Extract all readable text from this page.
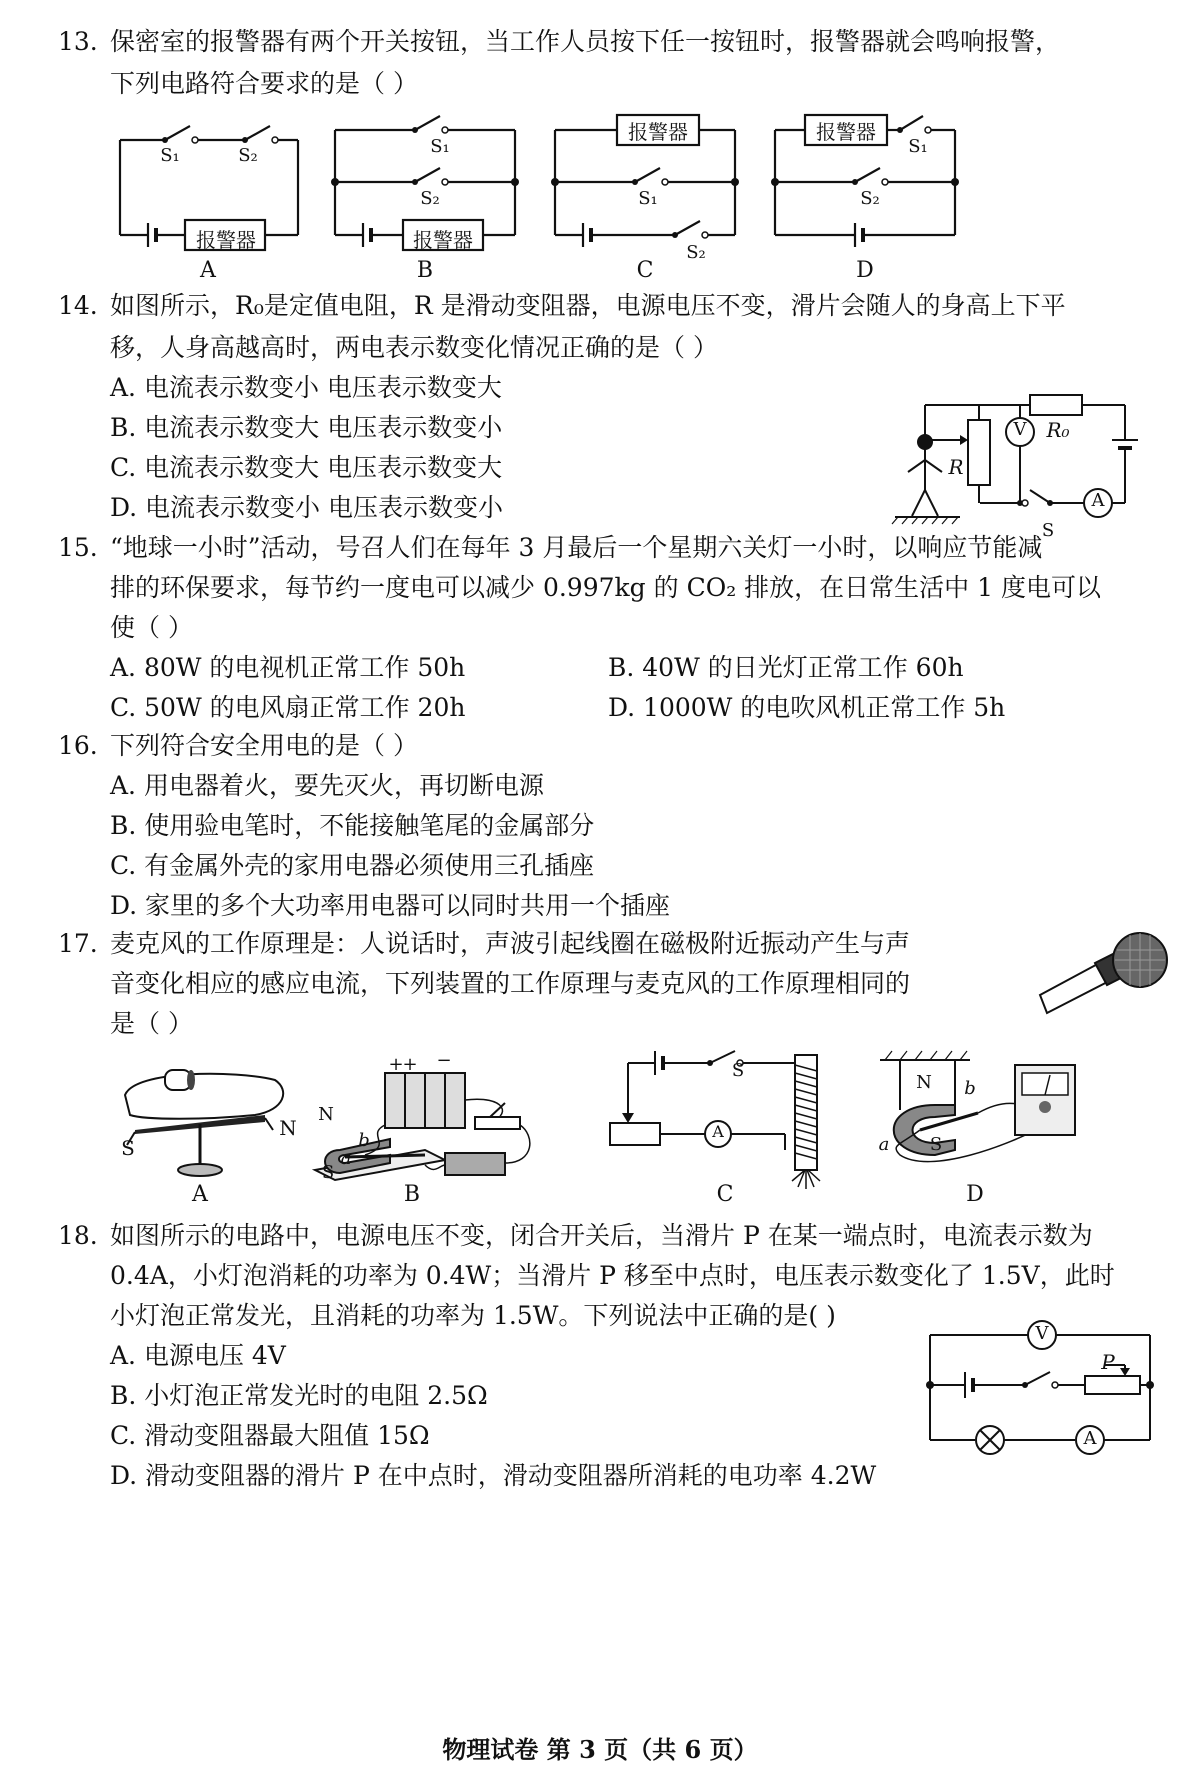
13. 保密室的报警器有两个开关按钮，当工作人员按下任一按钮时，报警器就会鸣响报警，
下列电路符合要求的是（ ）
S₁	S₂
报警器
A
S₁
S₂
报警器
B
报警器
S₁
S₂
C
报警器
S₁
S₂
D
14. 如图所示，R₀是定值电阻，R 是滑动变阻器，电源电压不变，滑片会随人的身高上下平
移，人身高越高时，两电表示数变化情况正确的是（ ）
A. 电流表示数变小 电压表示数变大
B. 电流表示数变大 电压表示数变小
C. 电流表示数变大 电压表示数变大
D. 电流表示数变小 电压表示数变小
R₀
R
V
A
S
15. “地球一小时”活动，号召人们在每年 3 月最后一个星期六关灯一小时，以响应节能减
排的环保要求，每节约一度电可以减少 0.997kg 的 CO₂ 排放，在日常生活中 1 度电可以
使（ ）
A. 80W 的电视机正常工作 50h	B. 40W 的日光灯正常工作 60h
C. 50W 的电风扇正常工作 20h	D. 1000W 的电吹风机正常工作 5h
16. 下列符合安全用电的是（ ）
A. 用电器着火，要先灭火，再切断电源
B. 使用验电笔时，不能接触笔尾的金属部分
C. 有金属外壳的家用电器必须使用三孔插座
D. 家里的多个大功率用电器可以同时共用一个插座
17. 麦克风的工作原理是：人说话时，声波引起线圈在磁极附近振动产生与声
音变化相应的感应电流，下列装置的工作原理与麦克风的工作原理相同的
是（ ）
S
N
A
+
+	−
N
b
a
S
B
S
A
C
N	b
a	S
D
18. 如图所示的电路中，电源电压不变，闭合开关后，当滑片 P 在某一端点时，电流表示数为
0.4A，小灯泡消耗的功率为 0.4W；当滑片 P 移至中点时，电压表示数变化了 1.5V，此时
小灯泡正常发光，且消耗的功率为 1.5W。下列说法中正确的是( )
A. 电源电压 4V
B. 小灯泡正常发光时的电阻 2.5Ω
C. 滑动变阻器最大阻值 15Ω
D. 滑动变阻器的滑片 P 在中点时，滑动变阻器所消耗的电功率 4.2W
V
A
P
物理试卷 第 3 页（共 6 页）
